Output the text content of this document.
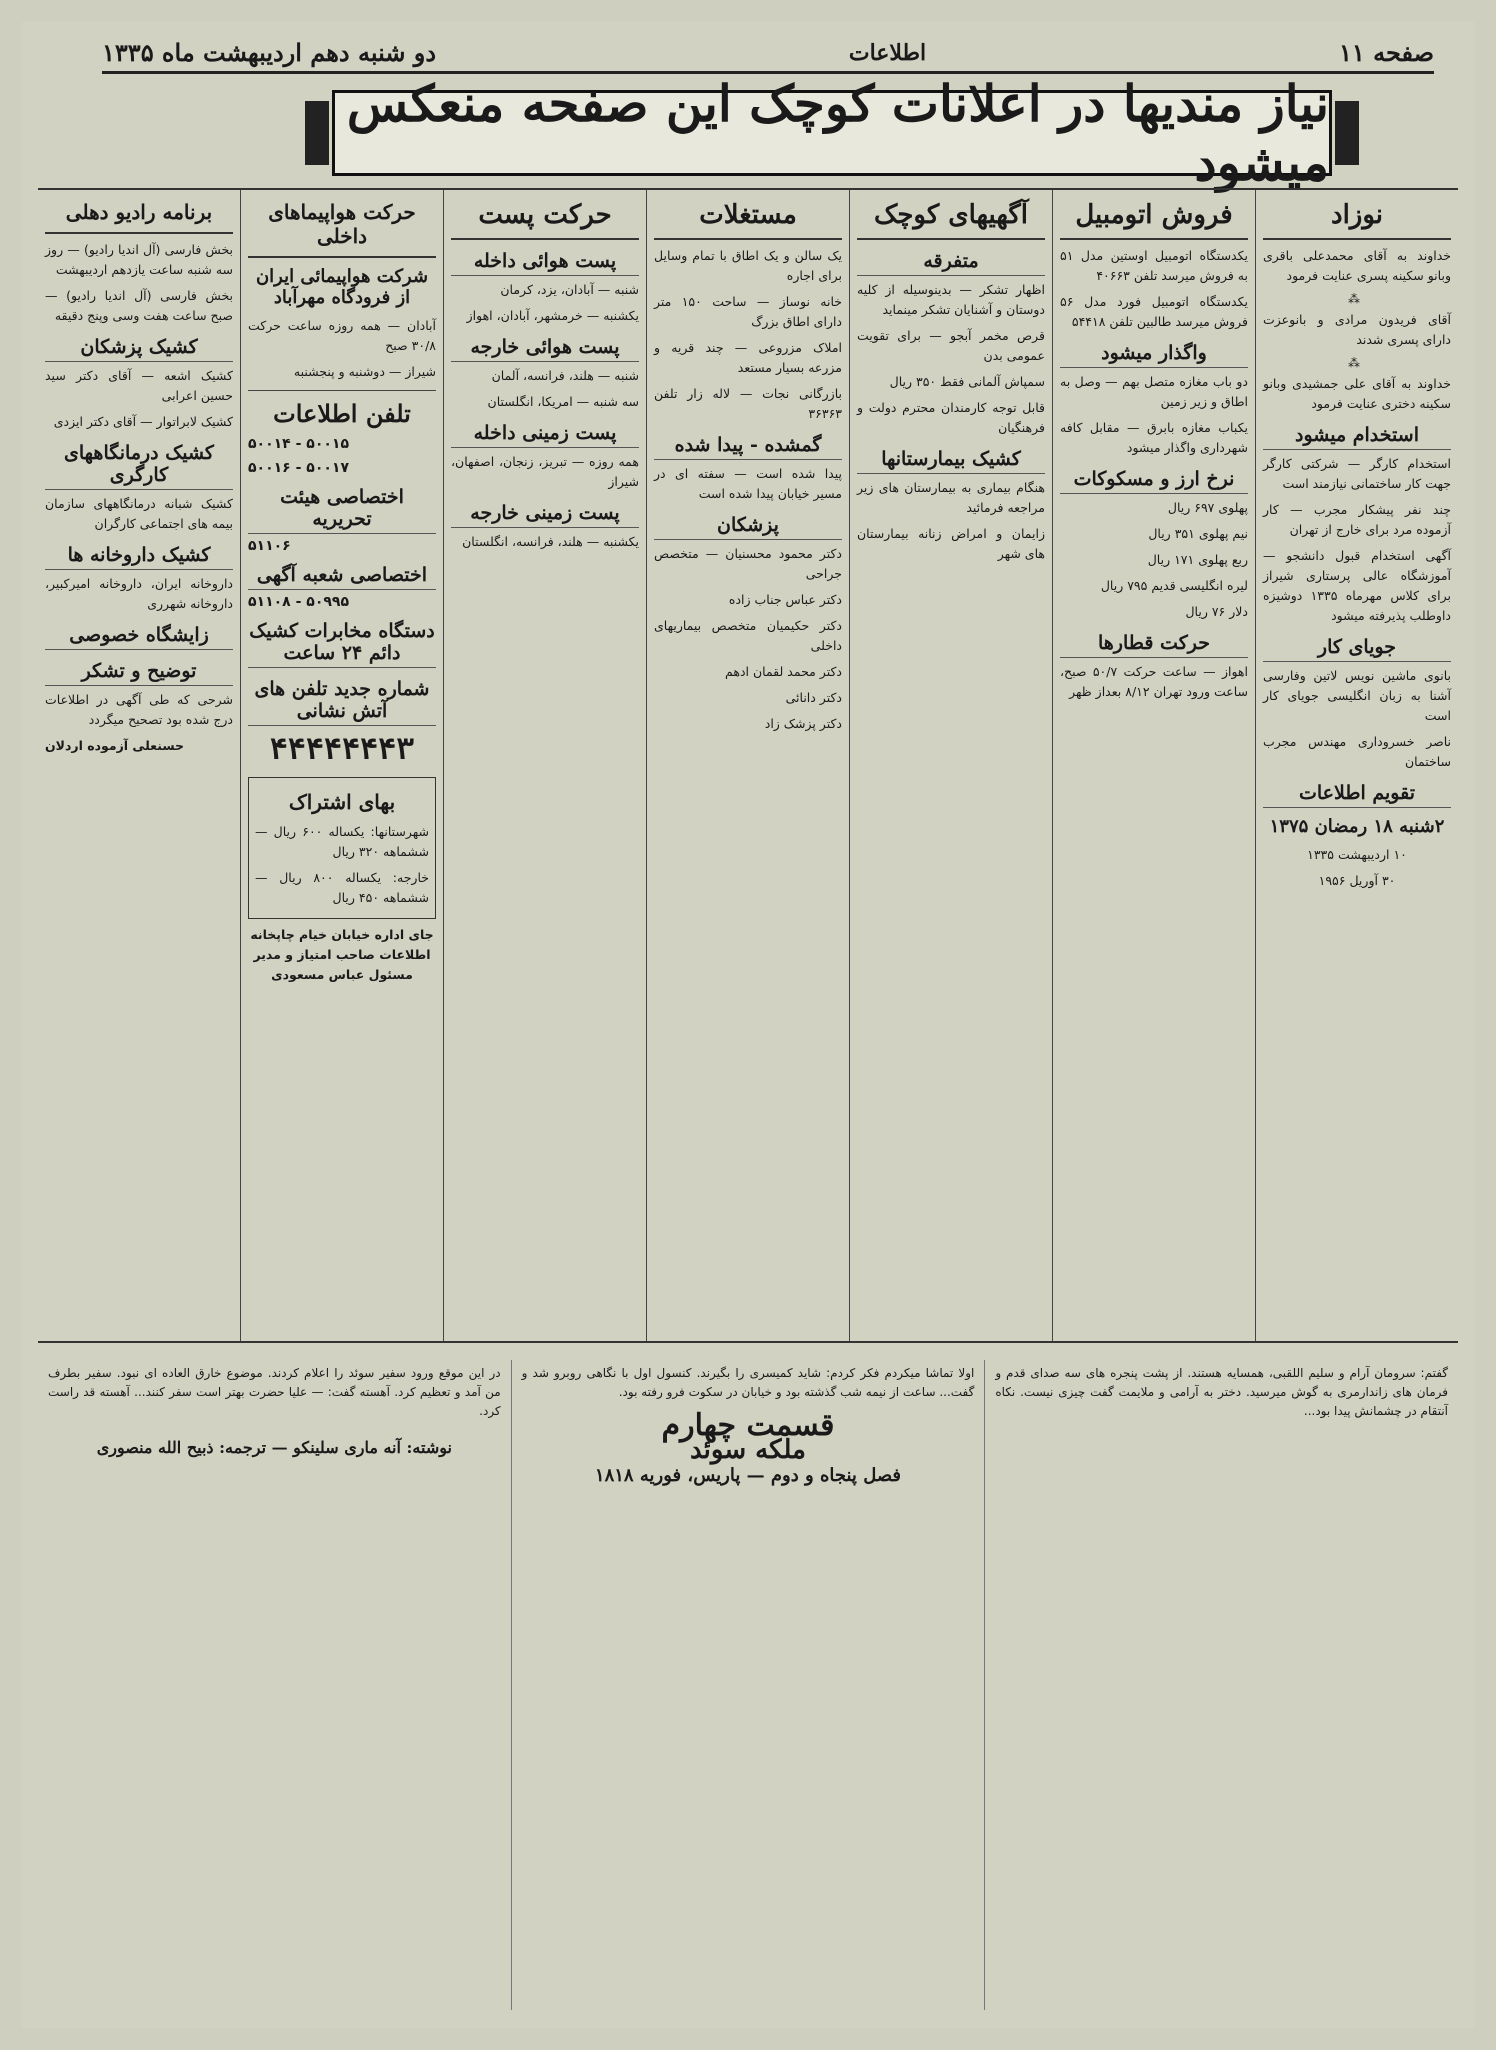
صفحه ۱۱
اطلاعات
دو شنبه دهم اردیبهشت ماه ۱۳۳۵
نیاز مندیها در اعلانات کوچک این صفحه منعکس میشود
نوزاد
خداوند به آقای محمدعلی باقری وبانو سکینه پسری عنایت فرمود
⁂
آقای فریدون مرادی و بانوعزت دارای پسری شدند
⁂
خداوند به آقای علی جمشیدی وبانو سکینه دختری عنایت فرمود
استخدام میشود
استخدام کارگر — شرکتی کارگر جهت کار ساختمانی نیازمند است
چند نفر پیشکار مجرب — کار آزموده مرد برای خارج از تهران
آگهی استخدام قبول دانشجو — آموزشگاه عالی پرستاری شیراز برای کلاس مهرماه ۱۳۳۵ دوشیزه داوطلب پذیرفته میشود
جویای کار
بانوی ماشین نویس لاتین وفارسی آشنا به زبان انگلیسی جویای کار است
ناصر خسروداری مهندس مجرب ساختمان
تقویم اطلاعات
۲شنبه ۱۸ رمضان ۱۳۷۵
۱۰ اردیبهشت ۱۳۳۵
۳۰ آوریل ۱۹۵۶
فروش اتومبیل
یکدستگاه اتومبیل اوستین مدل ۵۱ به فروش میرسد تلفن ۴۰۶۶۳
یکدستگاه اتومبیل فورد مدل ۵۶ فروش میرسد طالبین تلفن ۵۴۴۱۸
واگذار میشود
دو باب مغازه متصل بهم — وصل به اطاق و زیر زمین
یکباب مغازه بابرق — مقابل کافه شهرداری واگذار میشود
نرخ ارز و مسکوکات
پهلوی ۶۹۷ ریال
نیم پهلوی ۳۵۱ ریال
ربع پهلوی ۱۷۱ ریال
لیره انگلیسی قدیم ۷۹۵ ریال
دلار ۷۶ ریال
حرکت قطارها
اهواز — ساعت حرکت ۵۰/۷ صبح، ساعت ورود تهران ۸/۱۲ بعداز ظهر
آگهیهای کوچک
متفرقه
اظهار تشکر — بدینوسیله از کلیه دوستان و آشنایان تشکر مینماید
قرص مخمر آبجو — برای تقویت عمومی بدن
سمپاش آلمانی فقط ۳۵۰ ریال
قابل توجه کارمندان محترم دولت و فرهنگیان
کشیک بیمارستانها
هنگام بیماری به بیمارستان های زیر مراجعه فرمائید
زایمان و امراض زنانه بیمارستان های شهر
مستغلات
یک سالن و یک اطاق با تمام وسایل برای اجاره
خانه نوساز — ساحت ۱۵۰ متر دارای اطاق بزرگ
املاک مزروعی — چند قریه و مزرعه بسیار مستعد
بازرگانی نجات — لاله زار تلفن ۳۶۳۶۳
گمشده - پیدا شده
پیدا شده است — سفته ای در مسیر خیابان پیدا شده است
پزشکان
دکتر محمود محسنیان — متخصص جراحی
دکتر عباس جناب زاده
دکتر حکیمیان متخصص بیماریهای داخلی
دکتر محمد لقمان ادهم
دکتر دانائی
دکتر پزشک زاد
حرکت پست
پست هوائی داخله
شنبه — آبادان، یزد، کرمان
یکشنبه — خرمشهر، آبادان، اهواز
پست هوائی خارجه
شنبه — هلند، فرانسه، آلمان
سه شنبه — امریکا، انگلستان
پست زمینی داخله
همه روزه — تبریز، زنجان، اصفهان، شیراز
پست زمینی خارجه
یکشنبه — هلند، فرانسه، انگلستان
حرکت هواپیماهای داخلی
شرکت هواپیمائی ایران از فرودگاه مهرآباد
آبادان — همه روزه ساعت حرکت ۳۰/۸ صبح
شیراز — دوشنبه و پنجشنبه
تلفن اطلاعات
۵۰۰۱۴ - ۵۰۰۱۵
۵۰۰۱۶ - ۵۰۰۱۷
اختصاصی هیئت تحریریه
۵۱۱۰۶
اختصاصی شعبه آگهی
۵۱۱۰۸ - ۵۰۹۹۵
دستگاه مخابرات کشیک دائم ۲۴ ساعت
شماره جدید تلفن های آتش نشانی
۴۴۴۴۴۴۴۳
بهای اشتراک
شهرستانها: یکساله ۶۰۰ ریال — ششماهه ۳۲۰ ریال
خارجه: یکساله ۸۰۰ ریال — ششماهه ۴۵۰ ریال
جای اداره خیابان خیام چاپخانه اطلاعات صاحب امتیاز و مدیر مسئول عباس مسعودی
برنامه رادیو دهلی
بخش فارسی (آل اندیا رادیو) — روز سه شنبه ساعت یازدهم اردیبهشت
بخش فارسی (آل اندیا رادیو) — صبح ساعت هفت وسی وپنج دقیقه
کشیک پزشکان
کشیک اشعه — آقای دکتر سید حسین اعرابی
کشیک لابراتوار — آقای دکتر ایزدی
کشیک درمانگاههای کارگری
کشیک شبانه درمانگاههای سازمان بیمه های اجتماعی کارگران
کشیک داروخانه ها
داروخانه ایران، داروخانه امیرکبیر، داروخانه شهرری
زایشگاه خصوصی
توضیح و تشکر
شرحی که طی آگهی در اطلاعات درج شده بود تصحیح میگردد
حسنعلی آزموده اردلان

گفتم: سرومان آرام و سلیم اللقبی، همسایه هستند. از پشت پنجره های سه صدای قدم و فرمان های زاندارمری به گوش میرسید. دختر به آرامی و ملایمت گفت چیزی نیست. نکاه آنتقام در چشمانش پیدا بود...

اولا تماشا میکردم فکر کردم: شاید کمیسری را بگیرند. کنسول اول با نگاهی روبرو شد و گفت... ساعت از نیمه شب گذشته بود و خیابان در سکوت فرو رفته بود.

قسمت چهارم
ملکه سوئد
فصل پنجاه و دوم — پاریس، فوریه ۱۸۱۸

در این موقع ورود سفیر سوئد را اعلام کردند. موضوع خارق العاده ای نبود. سفیر بطرف من آمد و تعظیم کرد. آهسته گفت: — علیا حضرت بهتر است سفر کنند... آهسته قد راست کرد.

نوشته: آنه ماری سلینکو — ترجمه: ذبیح الله منصوری
